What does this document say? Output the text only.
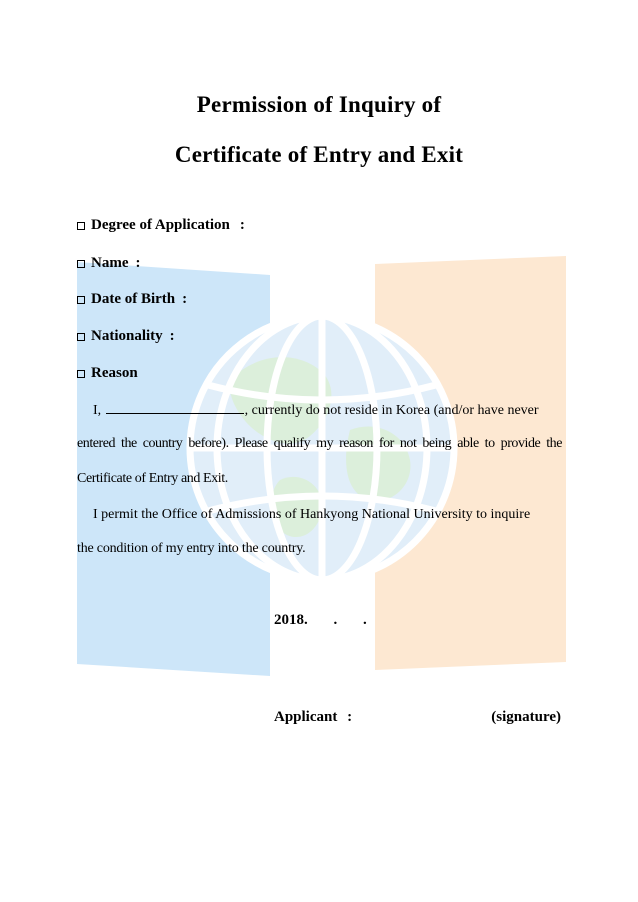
Permission of Inquiry of
Certificate of Entry and Exit
Degree of Application :
Name :
Date of Birth :
Nationality :
Reason
I,	, currently do not reside in Korea (and/or have never
entered the country before). Please qualify my reason for not being able to provide the
Certificate of Entry and Exit.
I permit the Office of Admissions of Hankyong National University to inquire
the condition of my entry into the country.
2018. . .
Applicant :	(signature)
